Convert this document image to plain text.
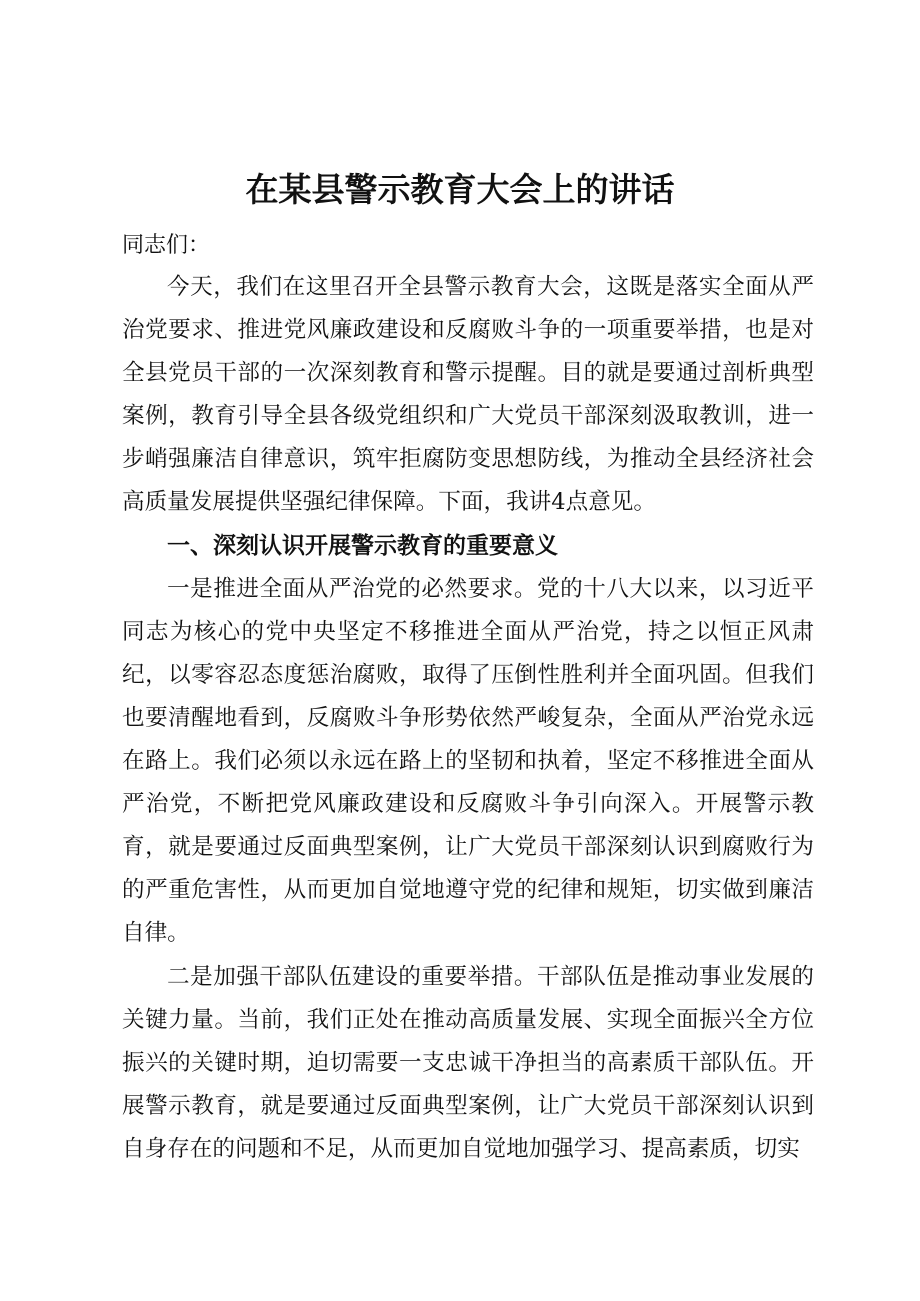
在某县警示教育大会上的讲话

同志们：

今天，我们在这里召开全县警示教育大会，这既是落实全面从严治党要求、推进党风廉政建设和反腐败斗争的一项重要举措，也是对全县党员干部的一次深刻教育和警示提醒。目的就是要通过剖析典型案例，教育引导全县各级党组织和广大党员干部深刻汲取教训，进一步峭强廉洁自律意识，筑牢拒腐防变思想防线，为推动全县经济社会高质量发展提供坚强纪律保障。下面，我讲4点意见。

一、深刻认识开展警示教育的重要意义

一是推进全面从严治党的必然要求。党的十八大以来，以习近平同志为核心的党中央坚定不移推进全面从严治党，持之以恒正风肃纪，以零容忍态度惩治腐败，取得了压倒性胜利并全面巩固。但我们也要清醒地看到，反腐败斗争形势依然严峻复杂，全面从严治党永远在路上。我们必须以永远在路上的坚韧和执着，坚定不移推进全面从严治党，不断把党风廉政建设和反腐败斗争引向深入。开展警示教育，就是要通过反面典型案例，让广大党员干部深刻认识到腐败行为的严重危害性，从而更加自觉地遵守党的纪律和规矩，切实做到廉洁自律。

二是加强干部队伍建设的重要举措。干部队伍是推动事业发展的关键力量。当前，我们正处在推动高质量发展、实现全面振兴全方位振兴的关键时期，迫切需要一支忠诚干净担当的高素质干部队伍。开展警示教育，就是要通过反面典型案例，让广大党员干部深刻认识到自身存在的问题和不足，从而更加自觉地加强学习、提高素质，切实
